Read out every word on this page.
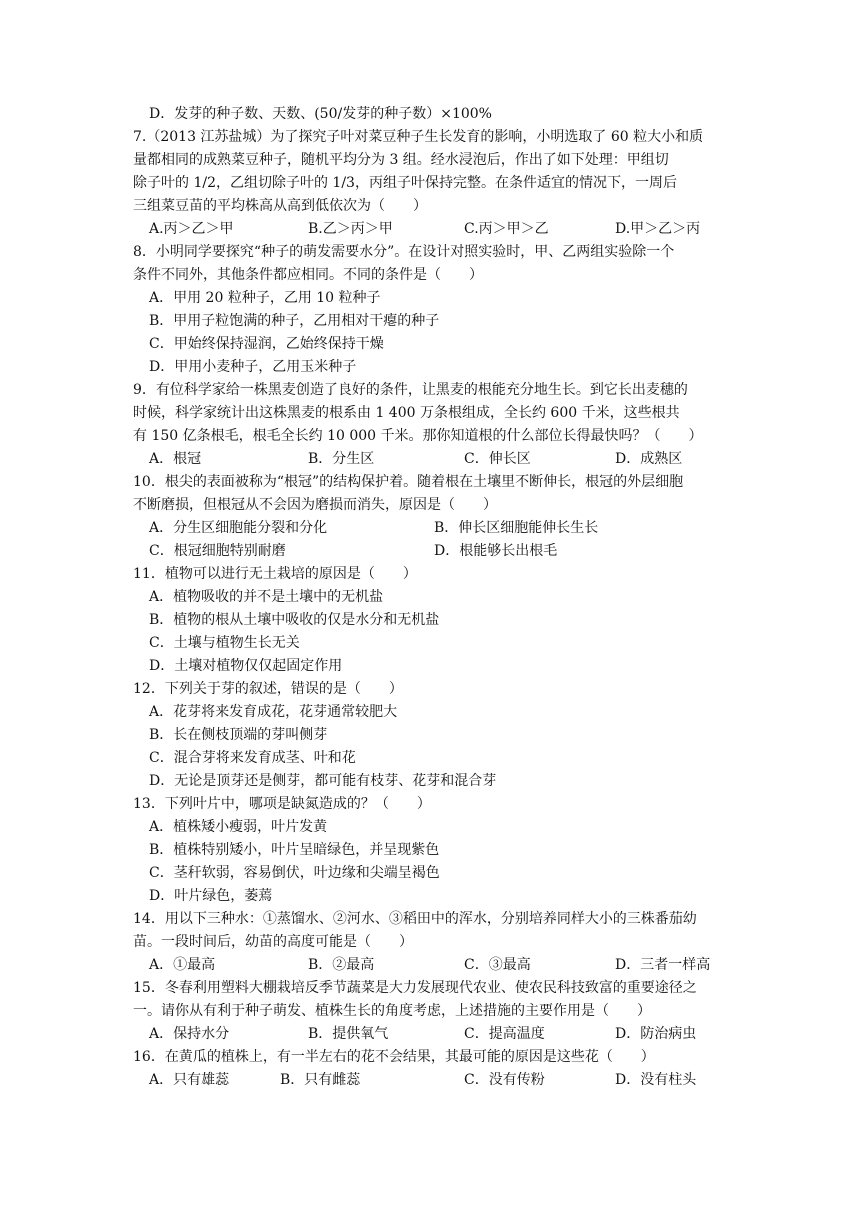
D．发芽的种子数、天数、(50/发芽的种子数）×100%
7.（2013 江苏盐城）为了探究子叶对菜豆种子生长发育的影响，小明选取了 60 粒大小和质
量都相同的成熟菜豆种子，随机平均分为 3 组。经水浸泡后，作出了如下处理：甲组切
除子叶的 1/2，乙组切除子叶的 1/3，丙组子叶保持完整。在条件适宜的情况下，一周后
三组菜豆苗的平均株高从高到低依次为（　　）
A.丙＞乙＞甲	B.乙＞丙＞甲	C.丙＞甲＞乙	D.甲＞乙＞丙
8．小明同学要探究“种子的萌发需要水分”。在设计对照实验时，甲、乙两组实验除一个
条件不同外，其他条件都应相同。不同的条件是（　　）
A．甲用 20 粒种子，乙用 10 粒种子
B．甲用子粒饱满的种子，乙用相对干瘪的种子
C．甲始终保持湿润，乙始终保持干燥
D．甲用小麦种子，乙用玉米种子
9．有位科学家给一株黑麦创造了良好的条件，让黑麦的根能充分地生长。到它长出麦穗的
时候，科学家统计出这株黑麦的根系由 1 400 万条根组成，全长约 600 千米，这些根共
有 150 亿条根毛，根毛全长约 10 000 千米。那你知道根的什么部位长得最快吗？（　　）
A．根冠	B．分生区	C．伸长区	D．成熟区
10．根尖的表面被称为“根冠”的结构保护着。随着根在土壤里不断伸长，根冠的外层细胞
不断磨损，但根冠从不会因为磨损而消失，原因是（　　）
A．分生区细胞能分裂和分化	B．伸长区细胞能伸长生长
C．根冠细胞特别耐磨	D．根能够长出根毛
11．植物可以进行无土栽培的原因是（　　）
A．植物吸收的并不是土壤中的无机盐
B．植物的根从土壤中吸收的仅是水分和无机盐
C．土壤与植物生长无关
D．土壤对植物仅仅起固定作用
12．下列关于芽的叙述，错误的是（　　）
A．花芽将来发育成花，花芽通常较肥大
B．长在侧枝顶端的芽叫侧芽
C．混合芽将来发育成茎、叶和花
D．无论是顶芽还是侧芽，都可能有枝芽、花芽和混合芽
13．下列叶片中，哪项是缺氮造成的？（　　）
A．植株矮小瘦弱，叶片发黄
B．植株特别矮小，叶片呈暗绿色，并呈现紫色
C．茎秆软弱，容易倒伏，叶边缘和尖端呈褐色
D．叶片绿色，萎蔫
14．用以下三种水：①蒸馏水、②河水、③稻田中的浑水，分别培养同样大小的三株番茄幼
苗。一段时间后，幼苗的高度可能是（　　）
A．①最高	B．②最高	C．③最高	D．三者一样高
15．冬春利用塑料大棚栽培反季节蔬菜是大力发展现代农业、使农民科技致富的重要途径之
一。请你从有利于种子萌发、植株生长的角度考虑，上述措施的主要作用是（　　）
A．保持水分	B．提供氧气	C．提高温度	D．防治病虫
16．在黄瓜的植株上，有一半左右的花不会结果，其最可能的原因是这些花（　　）
A．只有雄蕊	B．只有雌蕊	C．没有传粉	D．没有柱头
